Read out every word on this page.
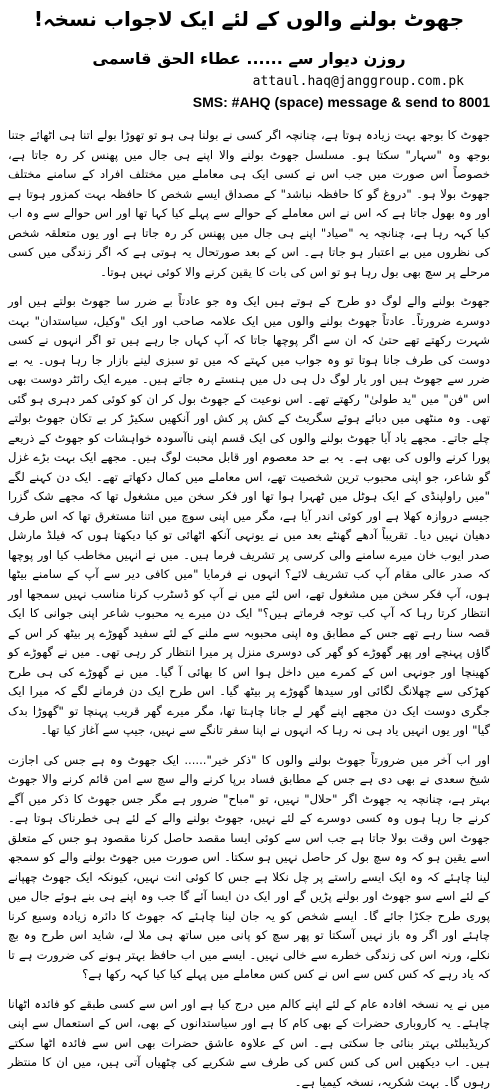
جھوٹ بولنے والوں کے لئے ایک لاجواب نسخہ!
روزن دیوار سے ...... عطاء الحق قاسمی
attaul.haq@janggroup.com.pk
SMS: #AHQ (space) message & send to 8001

جھوٹ کا بوجھ بہت زیادہ ہوتا ہے، چنانچہ اگر کسی نے بولنا ہی ہو تو تھوڑا بولے اتنا ہی اٹھائے جتنا بوجھ وہ "سہار" سکتا ہو۔ مسلسل جھوٹ بولنے والا اپنے ہی جال میں پھنس کر رہ جاتا ہے، خصوصاً اس صورت میں جب اس نے کسی ایک ہی معاملے میں مختلف افراد کے سامنے مختلف جھوٹ بولا ہو۔ "دروغ گو کا حافظہ نباشد" کے مصداق ایسے شخص کا حافظہ بہت کمزور ہوتا ہے اور وہ بھول جاتا ہے کہ اس نے اس معاملے کے حوالے سے پہلے کیا کہا تھا اور اس حوالے سے وہ اب کیا کہہ رہا ہے، چنانچہ یہ "صیاد" اپنے ہی جال میں پھنس کر رہ جاتا ہے اور یوں متعلقہ شخص کی نظروں میں بے اعتبار ہو جاتا ہے۔ اس کے بعد صورتحال یہ ہوتی ہے کہ اگر زندگی میں کسی مرحلے پر سچ بھی بول رہا ہو تو اس کی بات کا یقین کرنے والا کوئی نہیں ہوتا۔

جھوٹ بولنے والے لوگ دو طرح کے ہوتے ہیں ایک وہ جو عادتاً بے ضرر سا جھوٹ بولتے ہیں اور دوسرے ضرورتاً۔ عادتاً جھوٹ بولنے والوں میں ایک علامہ صاحب اور ایک "وکیل، سیاستدان" بہت شہرت رکھتے تھے حتیٰ کہ ان سے اگر پوچھا جاتا کہ آپ کہاں جا رہے ہیں تو اگر انہوں نے کسی دوست کی طرف جانا ہوتا تو وہ جواب میں کہتے کہ میں تو سبزی لینے بازار جا رہا ہوں۔ یہ بے ضرر سے جھوٹ ہیں اور یار لوگ دل ہی دل میں ہنستے رہ جاتے ہیں۔ میرے ایک رائٹر دوست بھی اس "فن" میں "ید طولیٰ" رکھتے تھے۔ اس نوعیت کے جھوٹ بول کر ان کو کوئی کمر دہری ہو گئی تھی۔ وہ منٹھی میں دبائے ہوئے سگریٹ کے کش پر کش اور آنکھیں سکیڑ کر بے تکان جھوٹ بولتے چلے جاتے۔ مجھے یاد آیا جھوٹ بولنے والوں کی ایک قسم اپنی ناآسودہ خواہشات کو جھوٹ کے ذریعے پورا کرنے والوں کی بھی ہے۔ یہ بے حد معصوم اور قابل محبت لوگ ہیں۔ مجھے ایک بہت بڑے غزل گو شاعر، جو اپنی محبوب ترین شخصیت تھے، اس معاملے میں کمال دکھاتے تھے۔ ایک دن کہنے لگے "میں راولپنڈی کے ایک ہوٹل میں ٹھہرا ہوا تھا اور فکر سخن میں مشغول تھا کہ مجھے شک گزرا جیسے دروازہ کھلا ہے اور کوئی اندر آیا ہے، مگر میں اپنی سوچ میں اتنا مستغرق تھا کہ اس طرف دھیان نہیں دیا۔ تقریباً آدھے گھنٹے بعد میں نے یونہی آنکھ اٹھائی تو کیا دیکھتا ہوں کہ فیلڈ مارشل صدر ایوب خان میرے سامنے والی کرسی پر تشریف فرما ہیں۔ میں نے انہیں مخاطب کیا اور پوچھا کہ صدر عالی مقام آپ کب تشریف لائے؟ انہوں نے فرمایا "میں کافی دیر سے آپ کے سامنے بیٹھا ہوں، آپ فکر سخن میں مشغول تھے، اس لئے میں نے آپ کو ڈسٹرب کرنا مناسب نہیں سمجھا اور انتظار کرتا رہا کہ آپ کب توجہ فرماتے ہیں؟" ایک دن میرے یہ محبوب شاعر اپنی جوانی کا ایک قصہ سنا رہے تھے جس کے مطابق وہ اپنی محبوبہ سے ملنے کے لئے سفید گھوڑے پر بیٹھ کر اس کے گاؤں پہنچے اور پھر گھوڑے کو گھر کی دوسری منزل پر میرا انتظار کر رہی تھی۔ میں نے گھوڑے کو کھینچا اور جونہی اس کے کمرے میں داخل ہوا اس کا بھائی آ گیا۔ میں نے گھوڑے کی ہی طرح کھڑکی سے چھلانگ لگائی اور سیدھا گھوڑے پر بیٹھ گیا۔ اس طرح ایک دن فرمانے لگے کہ میرا ایک جگری دوست ایک دن مجھے اپنے گھر لے جانا چاہتا تھا، مگر میرے گھر قریب پہنچا تو "گھوڑا بدک گیا" اور یوں انہیں یاد ہی نہ رہا کہ انہوں نے اپنا سفر تانگے سے نہیں، جیپ سے آغاز کیا تھا۔

اور اب آخر میں ضرورتاً جھوٹ بولنے والوں کا "ذکر خیر"...... ایک جھوٹ وہ ہے جس کی اجازت شیخ سعدی نے بھی دی ہے جس کے مطابق فساد برپا کرنے والے سچ سے امن قائم کرنے والا جھوٹ بہتر ہے، چنانچہ یہ جھوٹ اگر "حلال" نہیں، تو "مباح" ضرور ہے مگر جس جھوٹ کا ذکر میں آگے کرنے جا رہا ہوں وہ کسی دوسرے کے لئے نہیں، جھوٹ بولنے والے کے لئے ہی خطرناک ہوتا ہے۔ جھوٹ اس وقت بولا جاتا ہے جب اس سے کوئی ایسا مقصد حاصل کرنا مقصود ہو جس کے متعلق اسے یقین ہو کہ وہ سچ بول کر حاصل نہیں ہو سکتا۔ اس صورت میں جھوٹ بولنے والے کو سمجھ لینا چاہئے کہ وہ ایک ایسے راستے پر چل نکلا ہے جس کا کوئی انت نہیں، کیونکہ ایک جھوٹ چھپانے کے لئے اسے سو جھوٹ اور بولنے پڑیں گے اور ایک دن ایسا آئے گا جب وہ اپنے ہی بنے ہوئے جال میں پوری طرح جکڑا جائے گا۔ ایسے شخص کو یہ جان لینا چاہئے کہ جھوٹ کا دائرہ زیادہ وسیع کرنا چاہئے اور اگر وہ باز نہیں آسکتا تو پھر سچ کو پانی میں ساتھ ہی ملا لے، شاید اس طرح وہ بچ نکلے، ورنہ اس کی زندگی خطرے سے خالی نہیں۔ ایسے میں اب حافظ بہتر ہونے کی ضرورت ہے تا کہ یاد رہے کہ کس کس سے اس نے کس کس معاملے میں پہلے کیا کیا کہہ رکھا ہے؟

میں نے یہ نسخہ افادہ عام کے لئے اپنے کالم میں درج کیا ہے اور اس سے کسی طبقے کو فائدہ اٹھانا چاہئے۔ یہ کاروباری حضرات کے بھی کام کا ہے اور سیاستدانوں کے بھی، اس کے استعمال سے اپنی کریڈیبلٹی بہتر بنائی جا سکتی ہے۔ اس کے علاوہ عاشق حضرات بھی اس سے فائدہ اٹھا سکتے ہیں۔ اب دیکھیں اس کی کس کس کی طرف سے شکریے کی چٹھیاں آتی ہیں، میں ان کا منتظر رہوں گا۔ بہت شکریہ، نسخہ کیمیا ہے۔
